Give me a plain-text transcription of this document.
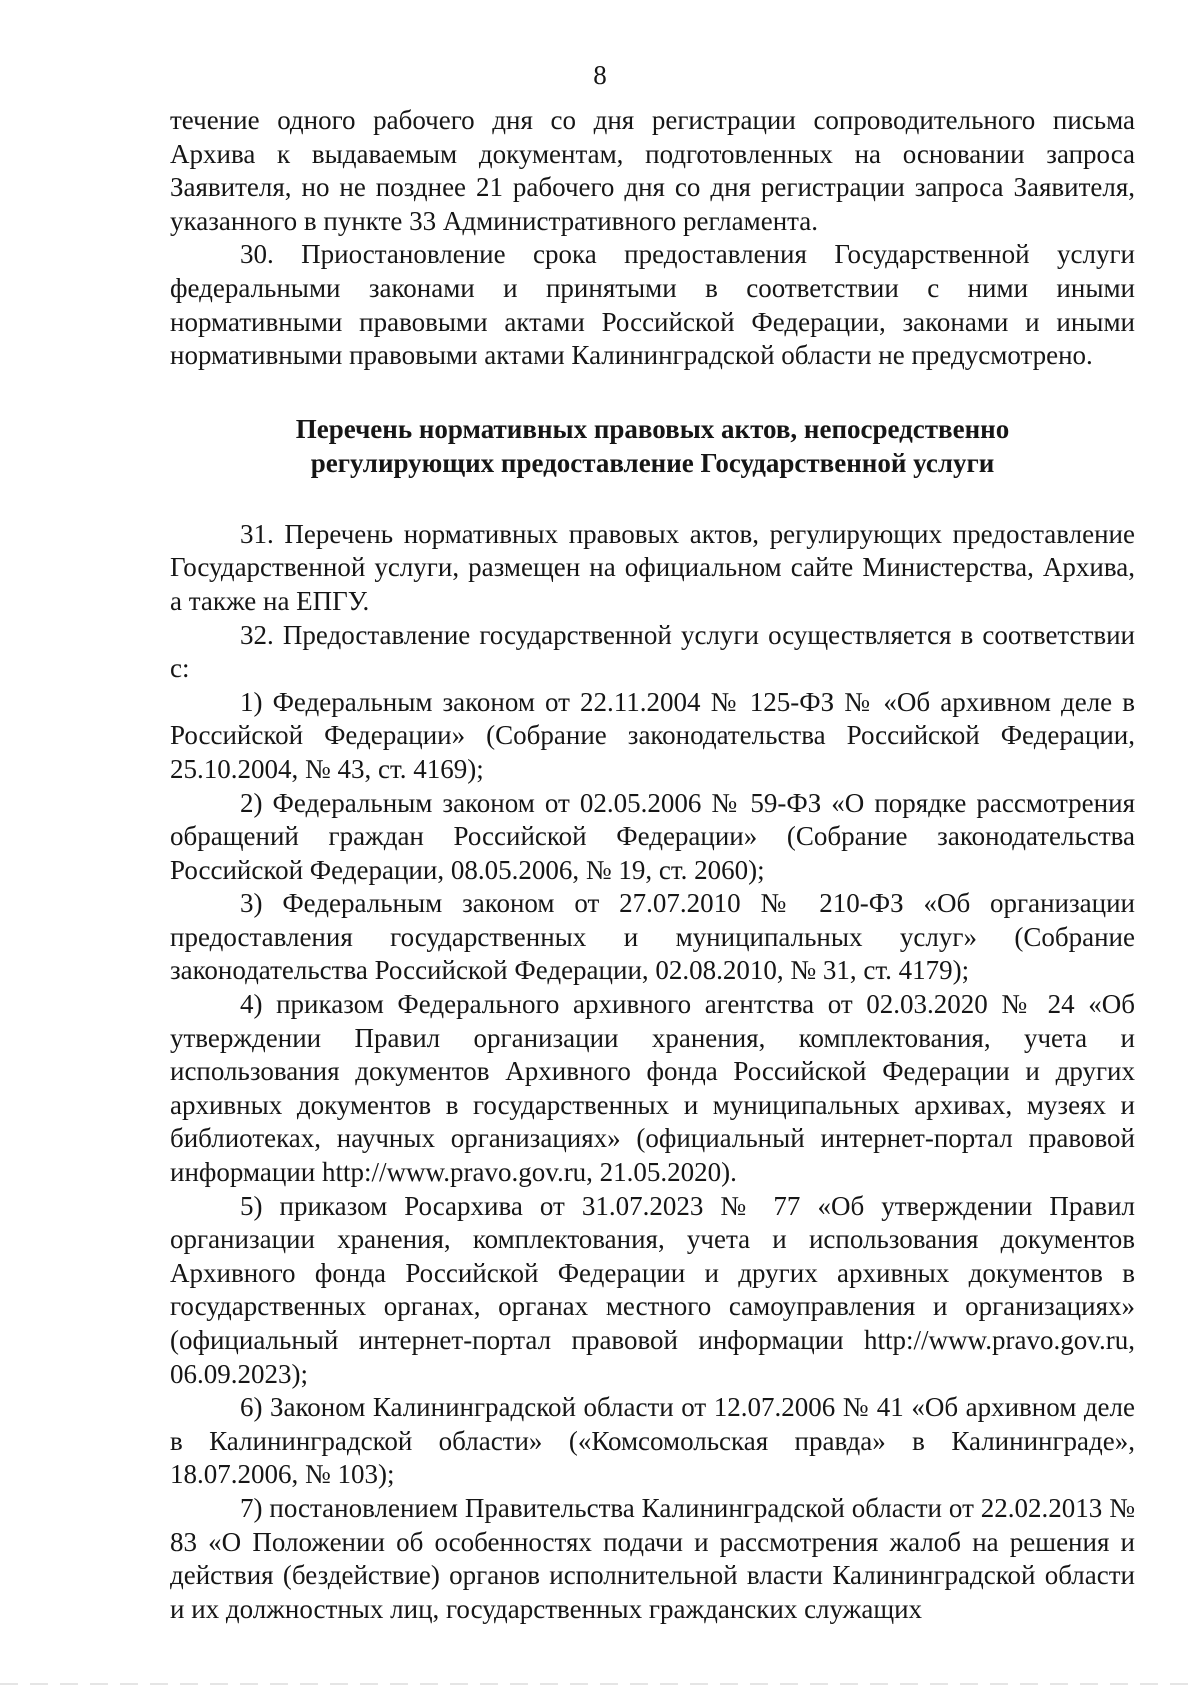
8

течение одного рабочего дня со дня регистрации сопроводительного письма Архива к выдаваемым документам, подготовленных на основании запроса Заявителя, но не позднее 21 рабочего дня со дня регистрации запроса Заявителя, указанного в пункте 33 Административного регламента.

30. Приостановление срока предоставления Государственной услуги федеральными законами и принятыми в соответствии с ними иными нормативными правовыми актами Российской Федерации, законами и иными нормативными правовыми актами Калининградской области не предусмотрено.

Перечень нормативных правовых актов, непосредственно
регулирующих предоставление Государственной услуги

31. Перечень нормативных правовых актов, регулирующих предоставление Государственной услуги, размещен на официальном сайте Министерства, Архива, а также на ЕПГУ.

32. Предоставление государственной услуги осуществляется в соответствии с:

1) Федеральным законом от 22.11.2004 № 125-ФЗ № «Об архивном деле в Российской Федерации» (Собрание законодательства Российской Федерации, 25.10.2004, № 43, ст. 4169);

2) Федеральным законом от 02.05.2006 № 59-ФЗ «О порядке рассмотрения обращений граждан Российской Федерации» (Собрание законодательства Российской Федерации, 08.05.2006, № 19, ст. 2060);

3) Федеральным законом от 27.07.2010 № 210-ФЗ «Об организации предоставления государственных и муниципальных услуг» (Собрание законодательства Российской Федерации, 02.08.2010, № 31, ст. 4179);

4) приказом Федерального архивного агентства от 02.03.2020 № 24 «Об утверждении Правил организации хранения, комплектования, учета и использования документов Архивного фонда Российской Федерации и других архивных документов в государственных и муниципальных архивах, музеях и библиотеках, научных организациях» (официальный интернет-портал правовой информации http://www.pravo.gov.ru, 21.05.2020).

5) приказом Росархива от 31.07.2023 № 77 «Об утверждении Правил организации хранения, комплектования, учета и использования документов Архивного фонда Российской Федерации и других архивных документов в государственных органах, органах местного самоуправления и организациях» (официальный интернет-портал правовой информации http://www.pravo.gov.ru, 06.09.2023);

6) Законом Калининградской области от 12.07.2006 № 41 «Об архивном деле в Калининградской области» («Комсомольская правда» в Калининграде», 18.07.2006, № 103);

7) постановлением Правительства Калининградской области от 22.02.2013 № 83 «О Положении об особенностях подачи и рассмотрения жалоб на решения и действия (бездействие) органов исполнительной власти Калининградской области и их должностных лиц, государственных гражданских служащих
